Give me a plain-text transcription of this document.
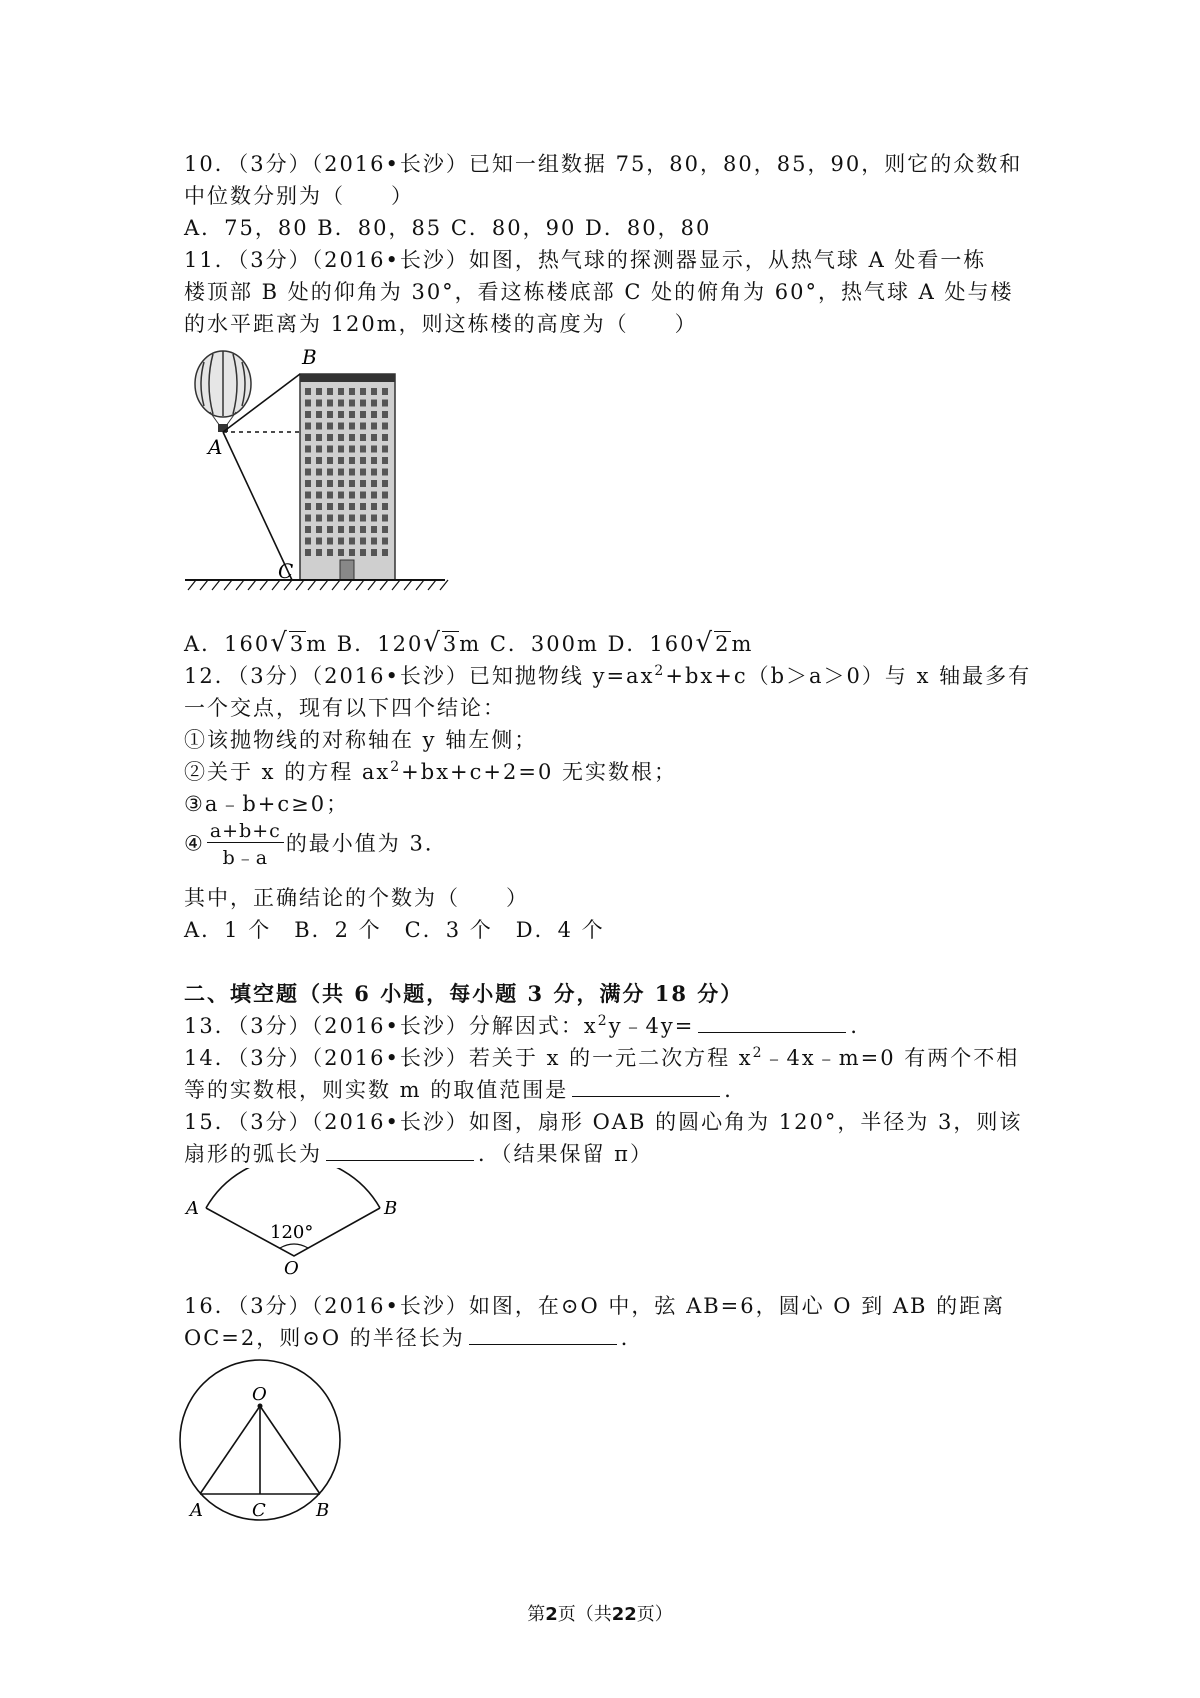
10．（3分）（2016•长沙）已知一组数据 75，80，80，85，90，则它的众数和
中位数分别为（　　）
A．75，80 B．80，85 C．80，90 D．80，80
11．（3分）（2016•长沙）如图，热气球的探测器显示，从热气球 A 处看一栋
楼顶部 B 处的仰角为 30°，看这栋楼底部 C 处的俯角为 60°，热气球 A 处与楼
的水平距离为 120m，则这栋楼的高度为（　　）
B
A
C
A．160√3m B．120√3m C．300m D．160√2m
12．（3分）（2016•长沙）已知抛物线 $y=ax^2+bx+c(b>a>0)$与 x 轴最多有
一个交点，现有以下四个结论：
①该抛物线的对称轴在 y 轴左侧；
②关于 x 的方程 $ax^2+bx+c+2=0$ 无实数根；
③a﹣b+c≥0；
④ $\frac{a+b+c}{b﹣a}$ 的最小值为 3．
其中，正确结论的个数为（　　）
A．1 个　B．2 个　C．3 个　D．4 个
二、填空题（共 6 小题，每小题 3 分，满分 18 分）
13．（3分）（2016•长沙）分解因式：$x^2y﹣4y=$	．
14．（3分）（2016•长沙）若关于 x 的一元二次方程 $x^2﹣4x﹣m=0$ 有两个不相
等的实数根，则实数 m 的取值范围是	．
15．（3分）（2016•长沙）如图，扇形 OAB 的圆心角为 120°，半径为 3，则该
扇形的弧长为	．（结果保留 π）
A	B
120°
O
16．（3分）（2016•长沙）如图，在⊙O 中，弦 AB=6，圆心 O 到 AB 的距离
OC=2，则⊙O 的半径长为	．
O
A	C	B
第2页（共22页）
